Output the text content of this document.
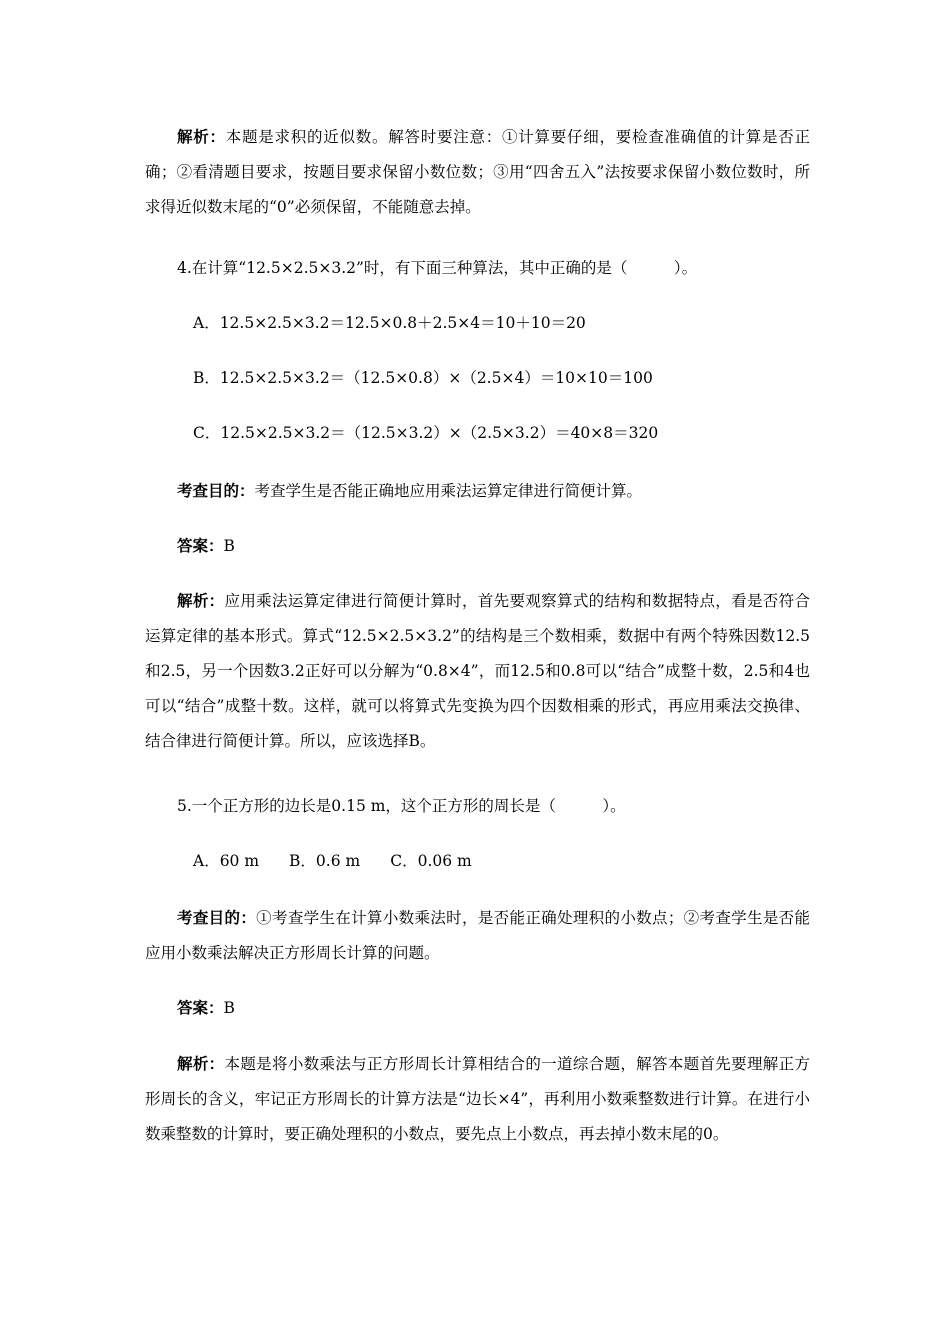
解析：本题是求积的近似数。解答时要注意：①计算要仔细，要检查准确值的计算是否正确；②看清题目要求，按题目要求保留小数位数；③用“四舍五入”法按要求保留小数位数时，所求得近似数末尾的“0”必须保留，不能随意去掉。

4.在计算“12.5×2.5×3.2”时，有下面三种算法，其中正确的是（　　　）。

A．12.5×2.5×3.2＝12.5×0.8＋2.5×4＝10＋10＝20

B．12.5×2.5×3.2＝（12.5×0.8）×（2.5×4）＝10×10＝100

C．12.5×2.5×3.2＝（12.5×3.2）×（2.5×3.2）＝40×8＝320

考查目的：考查学生是否能正确地应用乘法运算定律进行简便计算。

答案：B

解析：应用乘法运算定律进行简便计算时，首先要观察算式的结构和数据特点，看是否符合运算定律的基本形式。算式“12.5×2.5×3.2”的结构是三个数相乘，数据中有两个特殊因数12.5和2.5，另一个因数3.2正好可以分解为“0.8×4”，而12.5和0.8可以“结合”成整十数，2.5和4也可以“结合”成整十数。这样，就可以将算式先变换为四个因数相乘的形式，再应用乘法交换律、结合律进行简便计算。所以，应该选择B。

5.一个正方形的边长是0.15 m，这个正方形的周长是（　　　）。

A．60 m B．0.6 m C．0.06 m

考查目的：①考查学生在计算小数乘法时，是否能正确处理积的小数点；②考查学生是否能应用小数乘法解决正方形周长计算的问题。

答案：B

解析：本题是将小数乘法与正方形周长计算相结合的一道综合题，解答本题首先要理解正方形周长的含义，牢记正方形周长的计算方法是“边长×4”，再利用小数乘整数进行计算。在进行小数乘整数的计算时，要正确处理积的小数点，要先点上小数点，再去掉小数末尾的0。
